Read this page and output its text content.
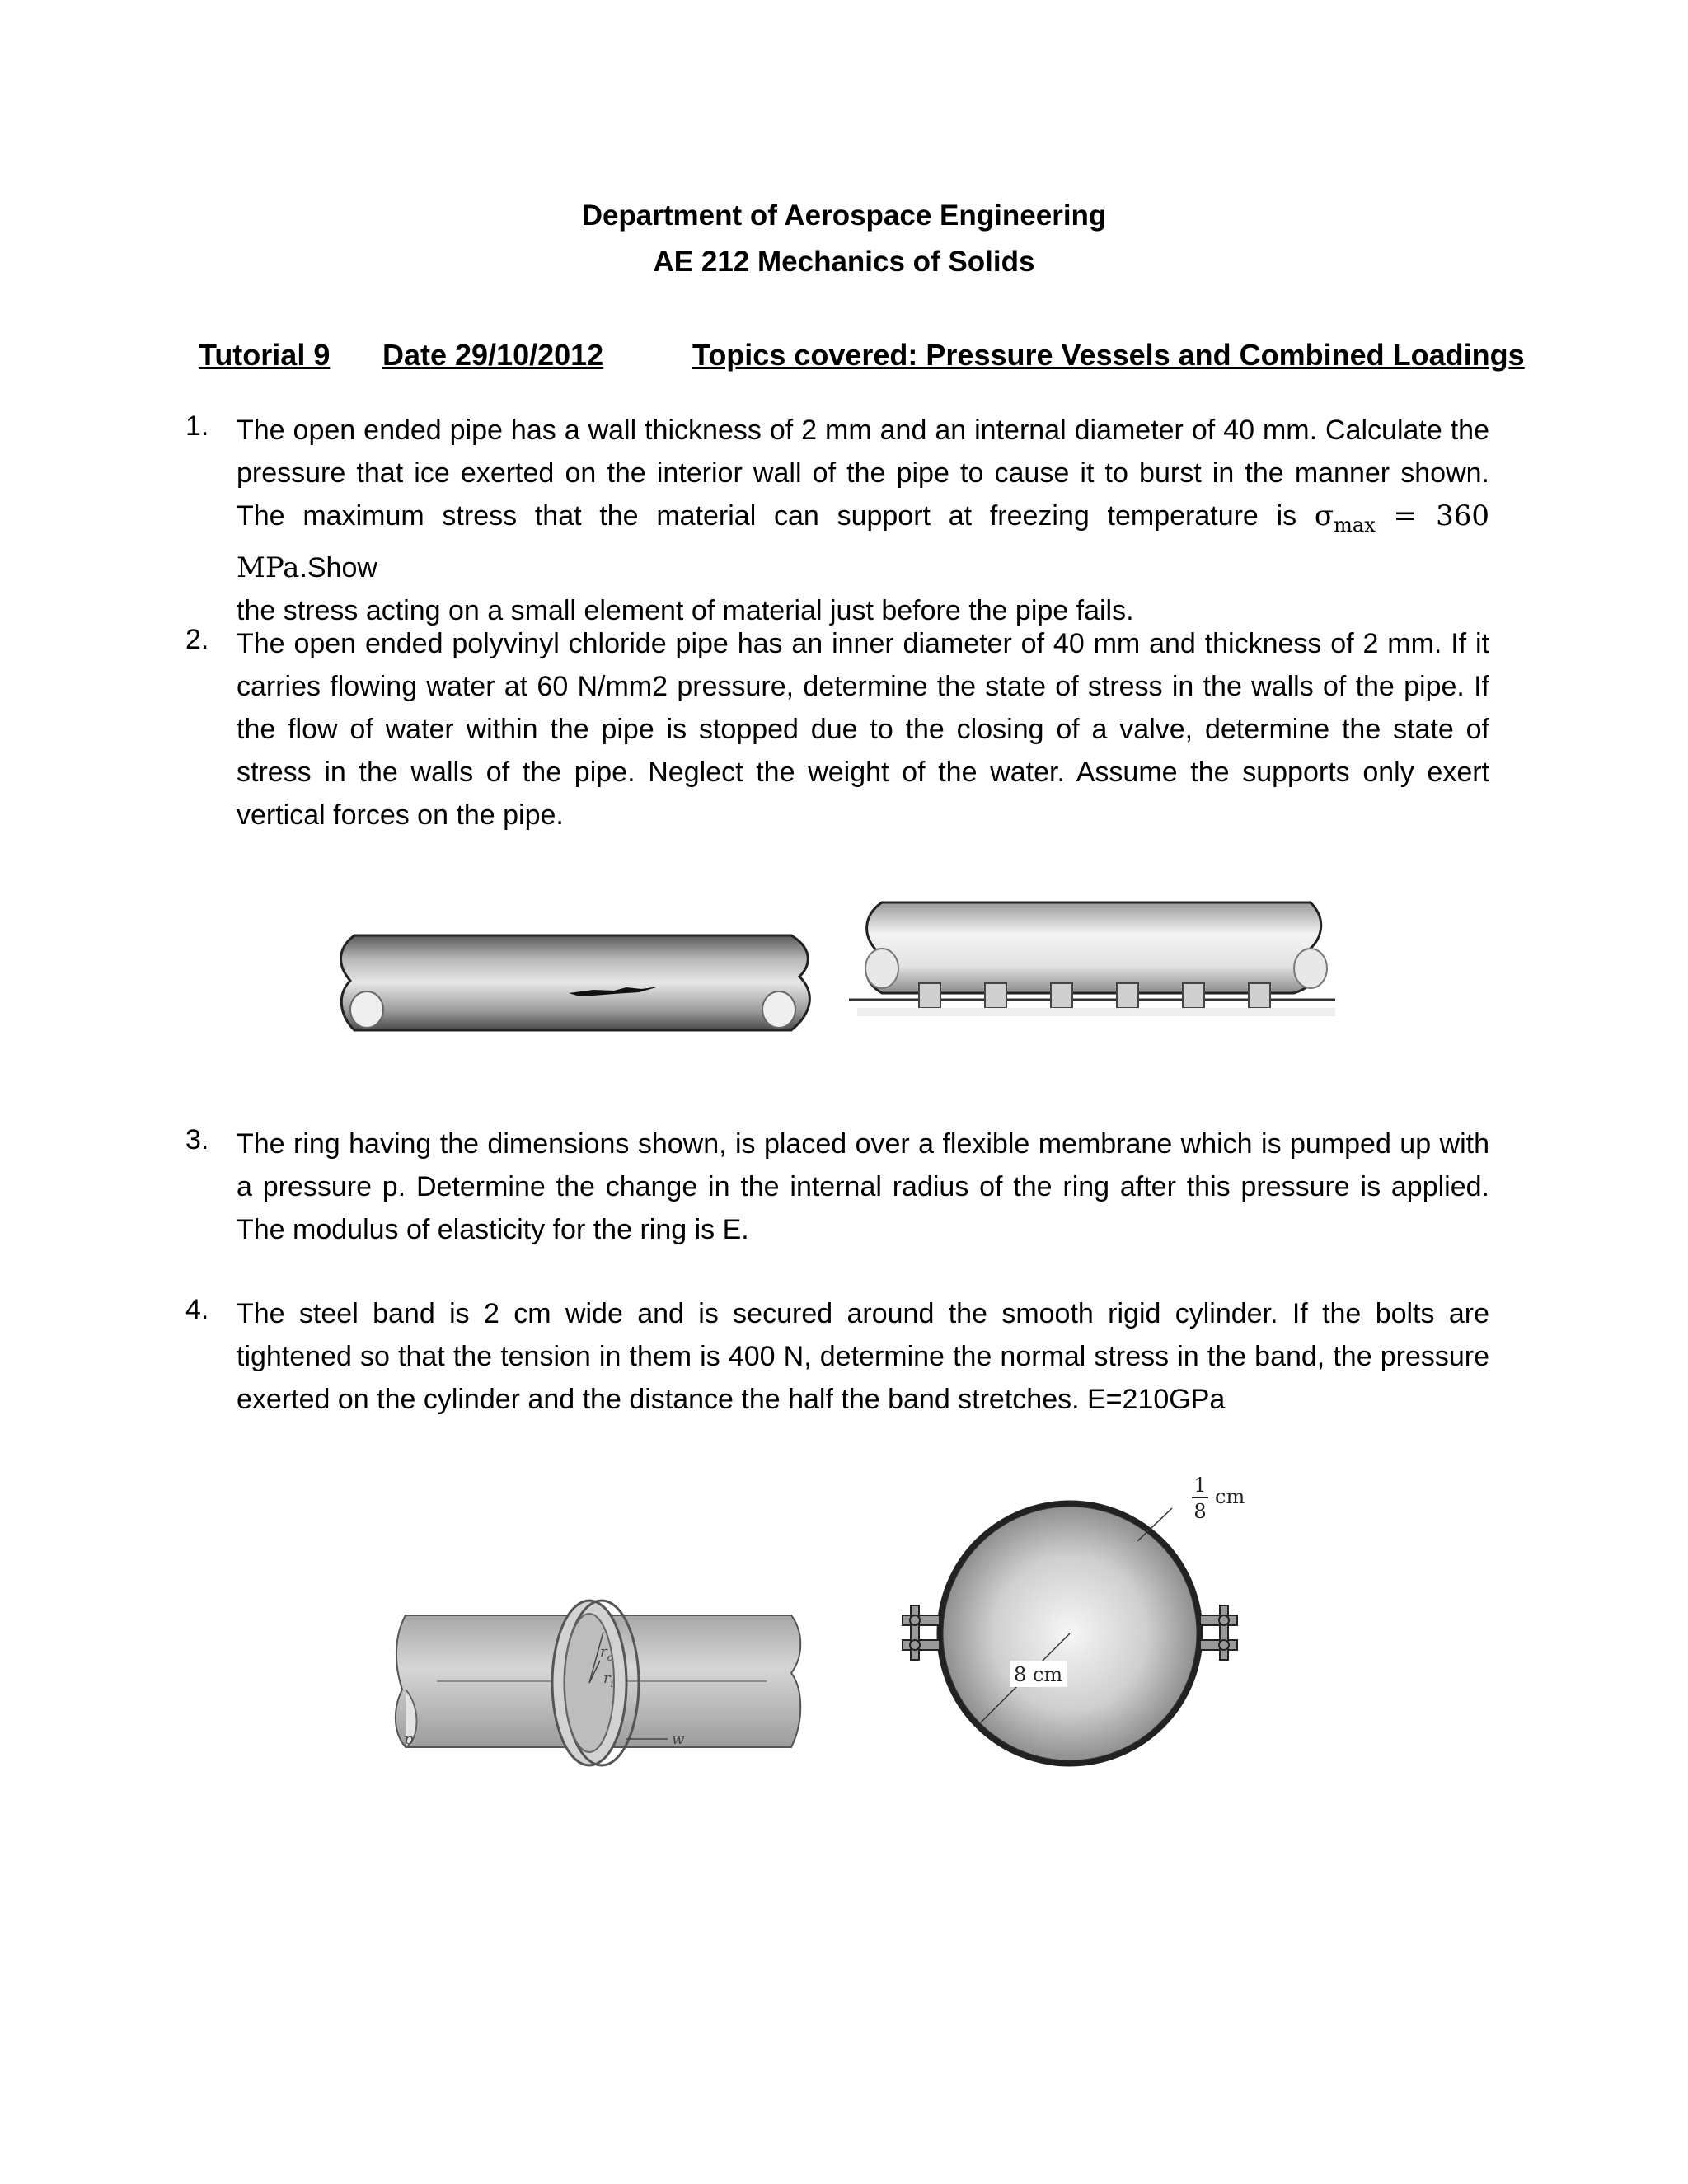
Department of Aerospace Engineering
AE 212 Mechanics of Solids
Tutorial 9 Date 29/10/2012	Topics covered: Pressure Vessels and Combined Loadings
1. The open ended pipe has a wall thickness of 2 mm and an internal diameter of 40 mm. Calculate the
pressure that ice exerted on the interior wall of the pipe to cause it to burst in the manner shown.
The maximum stress that the material can support at freezing temperature is $\sigma_{max} = 360$ MPa.Show
the stress acting on a small element of material just before the pipe fails.
2. The open ended polyvinyl chloride pipe has an inner diameter of 40 mm and thickness of 2 mm. If it
carries flowing water at 60 N/mm2 pressure, determine the state of stress in the walls of the pipe. If
the flow of water within the pipe is stopped due to the closing of a valve, determine the state of
stress in the walls of the pipe. Neglect the weight of the water. Assume the supports only exert
vertical forces on the pipe.
3. The ring having the dimensions shown, is placed over a flexible membrane which is pumped up with
a pressure p. Determine the change in the internal radius of the ring after this pressure is applied.
The modulus of elasticity for the ring is E.
4. The steel band is 2 cm wide and is secured around the smooth rigid cylinder. If the bolts are
tightened so that the tension in them is 400 N, determine the normal stress in the band, the pressure
exerted on the cylinder and the distance the half the band stretches. E=210GPa
$r_o$
$r_i$
w
p
8 cm
1
8
cm
